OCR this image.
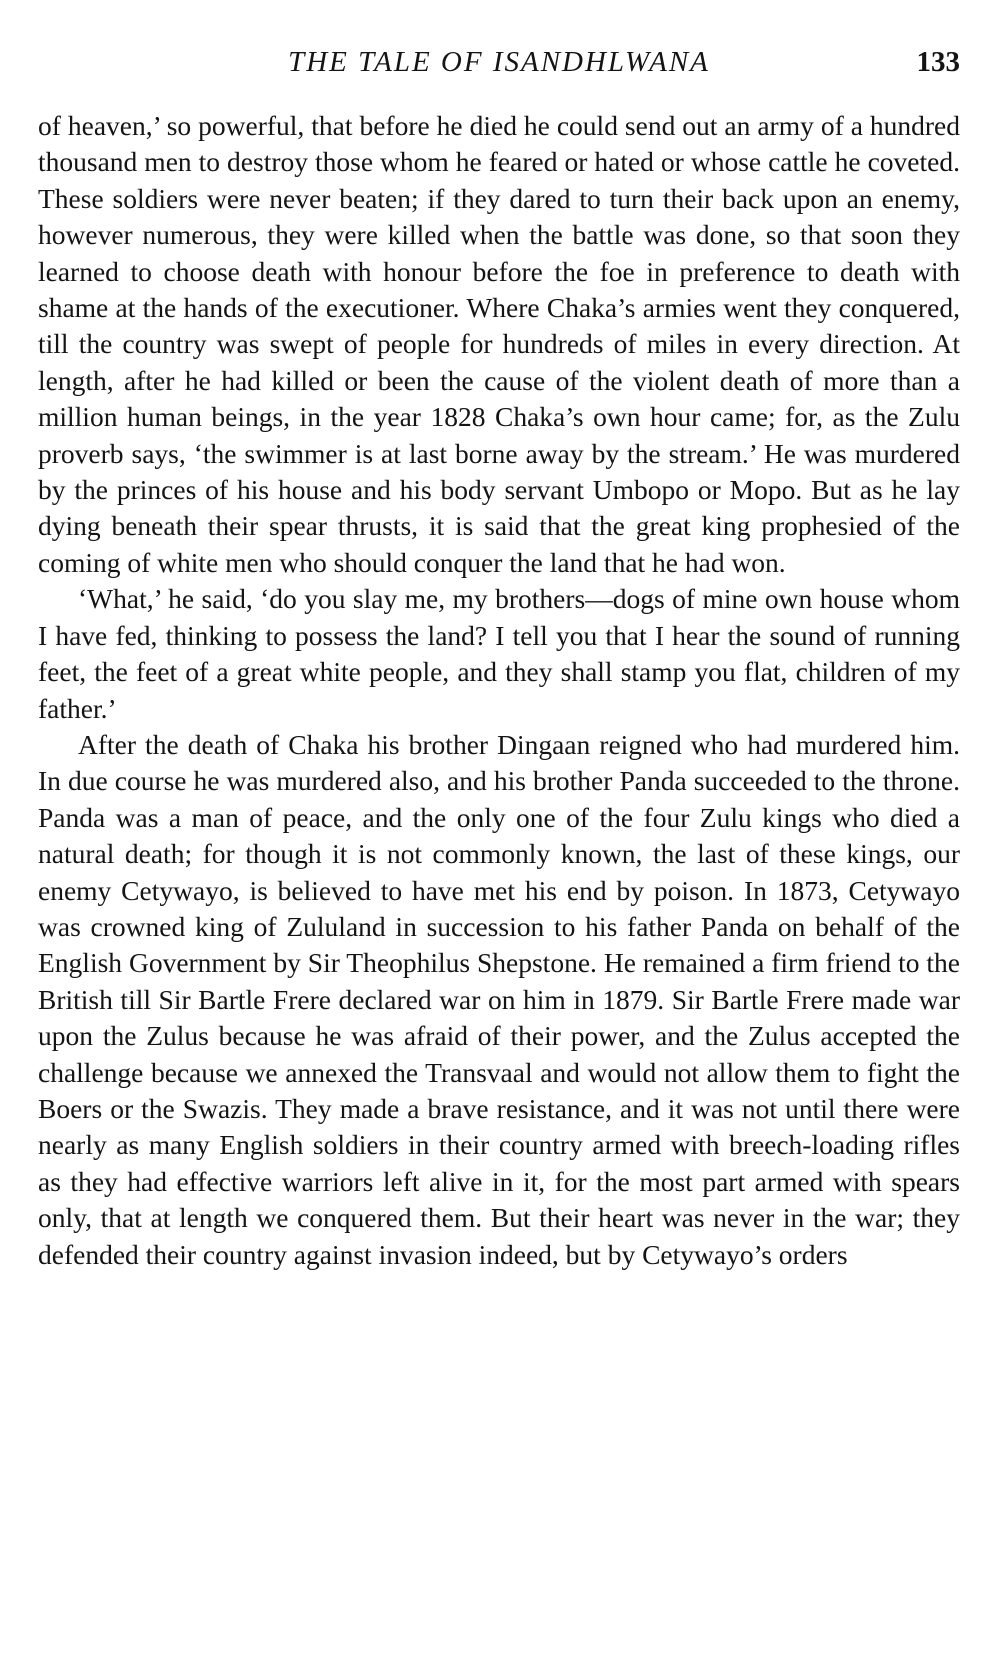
THE TALE OF ISANDHLWANA	133

of heaven,’ so powerful, that before he died he could send out an army of a hundred thousand men to destroy those whom he feared or hated or whose cattle he coveted. These soldiers were never beaten; if they dared to turn their back upon an enemy, however numerous, they were killed when the battle was done, so that soon they learned to choose death with honour before the foe in preference to death with shame at the hands of the executioner. Where Chaka’s armies went they conquered, till the country was swept of people for hundreds of miles in every direction. At length, after he had killed or been the cause of the violent death of more than a million human beings, in the year 1828 Chaka’s own hour came; for, as the Zulu proverb says, ‘the swimmer is at last borne away by the stream.’ He was murdered by the princes of his house and his body servant Umbopo or Mopo. But as he lay dying beneath their spear thrusts, it is said that the great king prophesied of the coming of white men who should conquer the land that he had won.

‘What,’ he said, ‘do you slay me, my brothers—dogs of mine own house whom I have fed, thinking to possess the land? I tell you that I hear the sound of running feet, the feet of a great white people, and they shall stamp you flat, children of my father.’

After the death of Chaka his brother Dingaan reigned who had murdered him. In due course he was murdered also, and his brother Panda succeeded to the throne. Panda was a man of peace, and the only one of the four Zulu kings who died a natural death; for though it is not commonly known, the last of these kings, our enemy Cetywayo, is believed to have met his end by poison. In 1873, Cetywayo was crowned king of Zululand in succession to his father Panda on behalf of the English Government by Sir Theophilus Shepstone. He remained a firm friend to the British till Sir Bartle Frere declared war on him in 1879. Sir Bartle Frere made war upon the Zulus because he was afraid of their power, and the Zulus accepted the challenge because we annexed the Transvaal and would not allow them to fight the Boers or the Swazis. They made a brave resistance, and it was not until there were nearly as many English soldiers in their country armed with breech-loading rifles as they had effective warriors left alive in it, for the most part armed with spears only, that at length we conquered them. But their heart was never in the war; they defended their country against invasion indeed, but by Cetywayo’s orders
